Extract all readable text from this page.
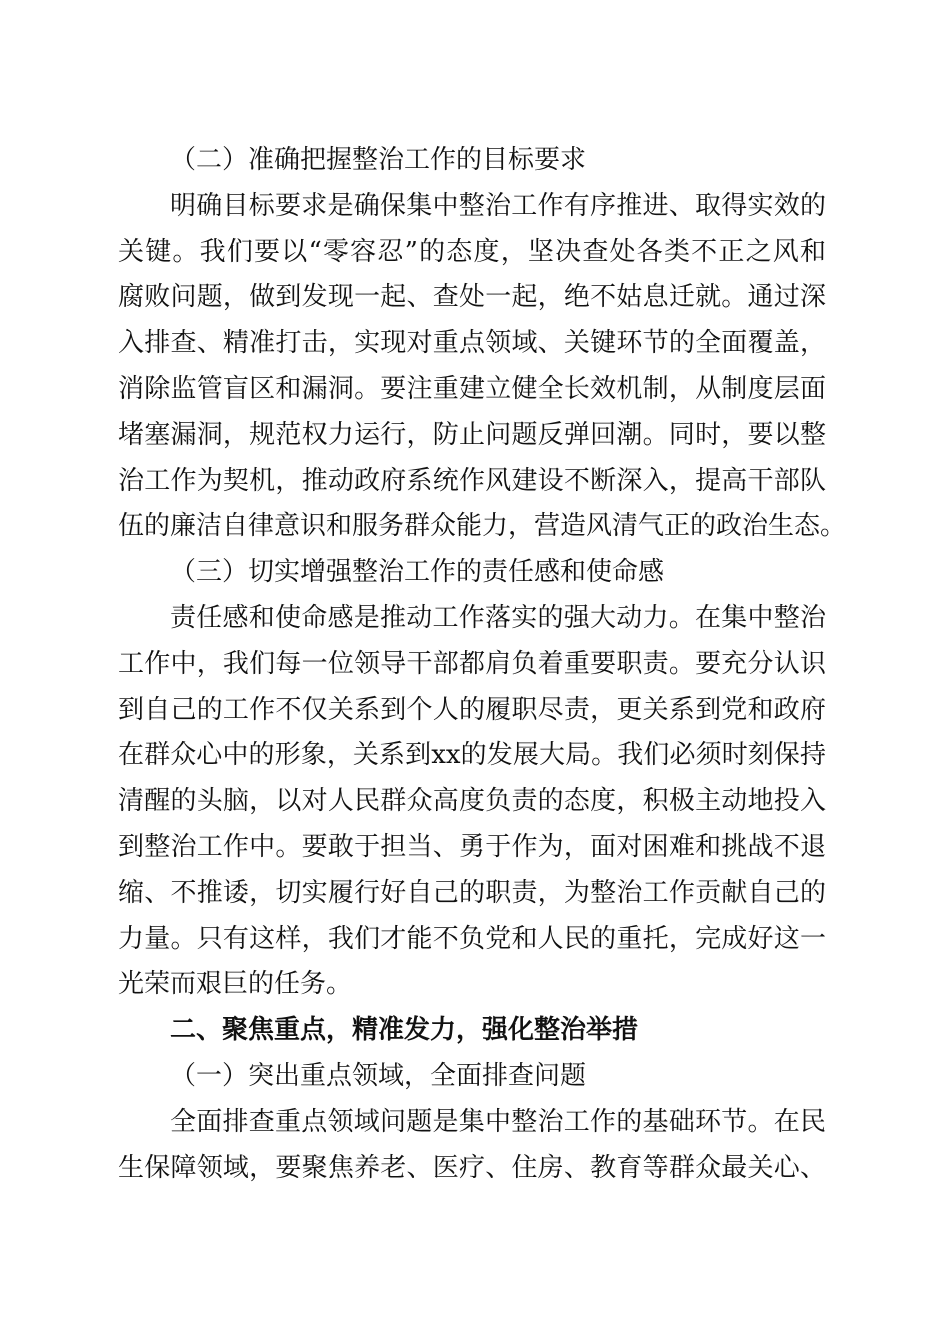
（二）准确把握整治工作的目标要求

明确目标要求是确保集中整治工作有序推进、取得实效的

关键。我们要以“零容忍”的态度，坚决查处各类不正之风和

腐败问题，做到发现一起、查处一起，绝不姑息迁就。通过深

入排查、精准打击，实现对重点领域、关键环节的全面覆盖，

消除监管盲区和漏洞。要注重建立健全长效机制，从制度层面

堵塞漏洞，规范权力运行，防止问题反弹回潮。同时，要以整

治工作为契机，推动政府系统作风建设不断深入，提高干部队

伍的廉洁自律意识和服务群众能力，营造风清气正的政治生态。

（三）切实增强整治工作的责任感和使命感

责任感和使命感是推动工作落实的强大动力。在集中整治

工作中，我们每一位领导干部都肩负着重要职责。要充分认识

到自己的工作不仅关系到个人的履职尽责，更关系到党和政府

在群众心中的形象，关系到xx的发展大局。我们必须时刻保持

清醒的头脑，以对人民群众高度负责的态度，积极主动地投入

到整治工作中。要敢于担当、勇于作为，面对困难和挑战不退

缩、不推诿，切实履行好自己的职责，为整治工作贡献自己的

力量。只有这样，我们才能不负党和人民的重托，完成好这一

光荣而艰巨的任务。

二、聚焦重点，精准发力，强化整治举措

（一）突出重点领域，全面排查问题

全面排查重点领域问题是集中整治工作的基础环节。在民

生保障领域，要聚焦养老、医疗、住房、教育等群众最关心、
